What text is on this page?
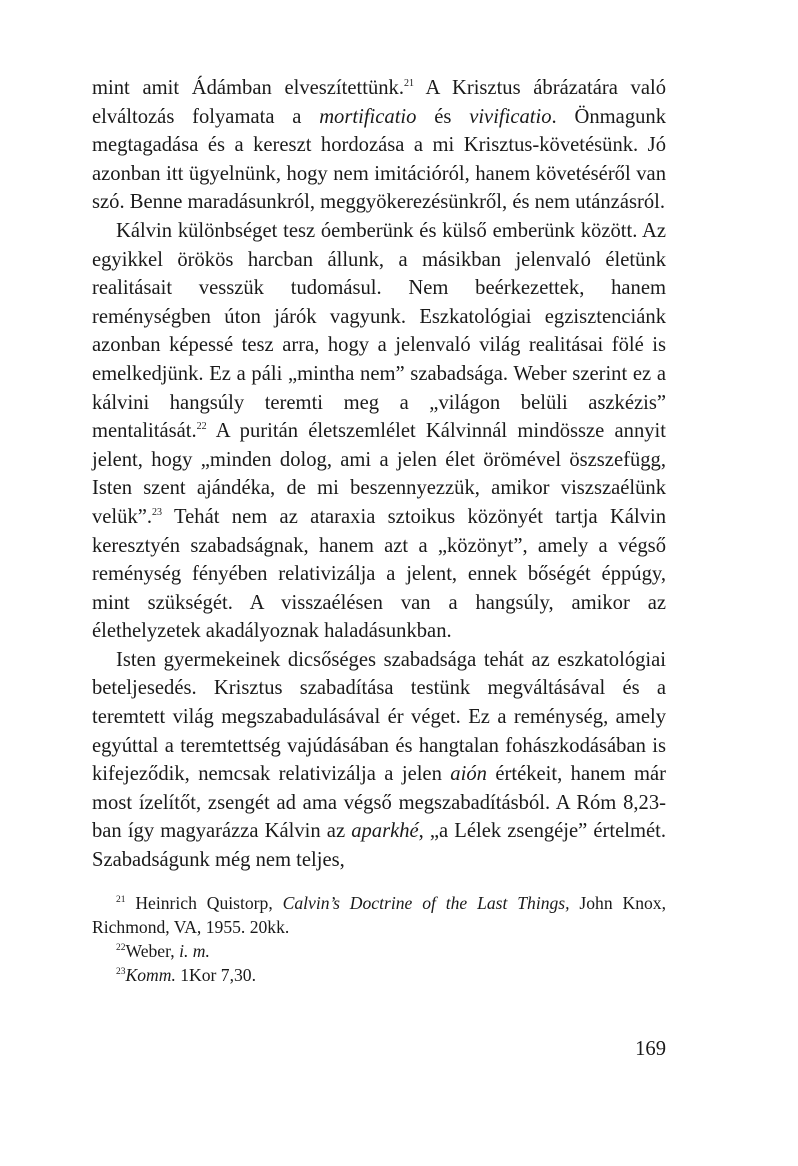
mint amit Ádámban elveszítettünk.$^{21}$ A Krisztus ábrázatára való elváltozás folyamata a mortificatio és vivificatio. Önmagunk megtagadása és a kereszt hordozása a mi Krisztus-követésünk. Jó azonban itt ügyelnünk, hogy nem imitációról, hanem követéséről van szó. Benne maradásunkról, meggyökerezésünkről, és nem utánzásról.

Kálvin különbséget tesz óemberünk és külső emberünk között. Az egyikkel örökös harcban állunk, a másikban jelenvaló életünk realitásait vesszük tudomásul. Nem beérkezettek, hanem reménységben úton járók vagyunk. Eszkatológiai egzisztenciánk azonban képessé tesz arra, hogy a jelenvaló világ realitásai fölé is emelkedjünk. Ez a páli „mintha nem” szabadsága. Weber szerint ez a kálvini hangsúly teremti meg a „világon belüli aszkézis” mentalitását.$^{22}$ A puritán életszemlélet Kálvinnál mindössze annyit jelent, hogy „minden dolog, ami a jelen élet örömével öszszefügg, Isten szent ajándéka, de mi beszennyezzük, amikor viszszaélünk velük”.$^{23}$ Tehát nem az ataraxia sztoikus közönyét tartja Kálvin keresztyén szabadságnak, hanem azt a „közönyt”, amely a végső reménység fényében relativizálja a jelent, ennek bőségét éppúgy, mint szükségét. A visszaélésen van a hangsúly, amikor az élethelyzetek akadályoznak haladásunkban.

Isten gyermekeinek dicsőséges szabadsága tehát az eszkatológiai beteljesedés. Krisztus szabadítása testünk megváltásával és a teremtett világ megszabadulásával ér véget. Ez a reménység, amely egyúttal a teremtettség vajúdásában és hangtalan fohászkodásában is kifejeződik, nemcsak relativizálja a jelen aión értékeit, hanem már most ízelítőt, zsengét ad ama végső megszabadításból. A Róm 8,23-ban így magyarázza Kálvin az aparkhé, „a Lélek zsengéje” értelmét. Szabadságunk még nem teljes,

$^{21}$ Heinrich Quistorp, Calvin’s Doctrine of the Last Things, John Knox, Richmond, VA, 1955. 20kk.

$^{22}$Weber, i. m.

$^{23}$Komm. 1Kor 7,30.

169
